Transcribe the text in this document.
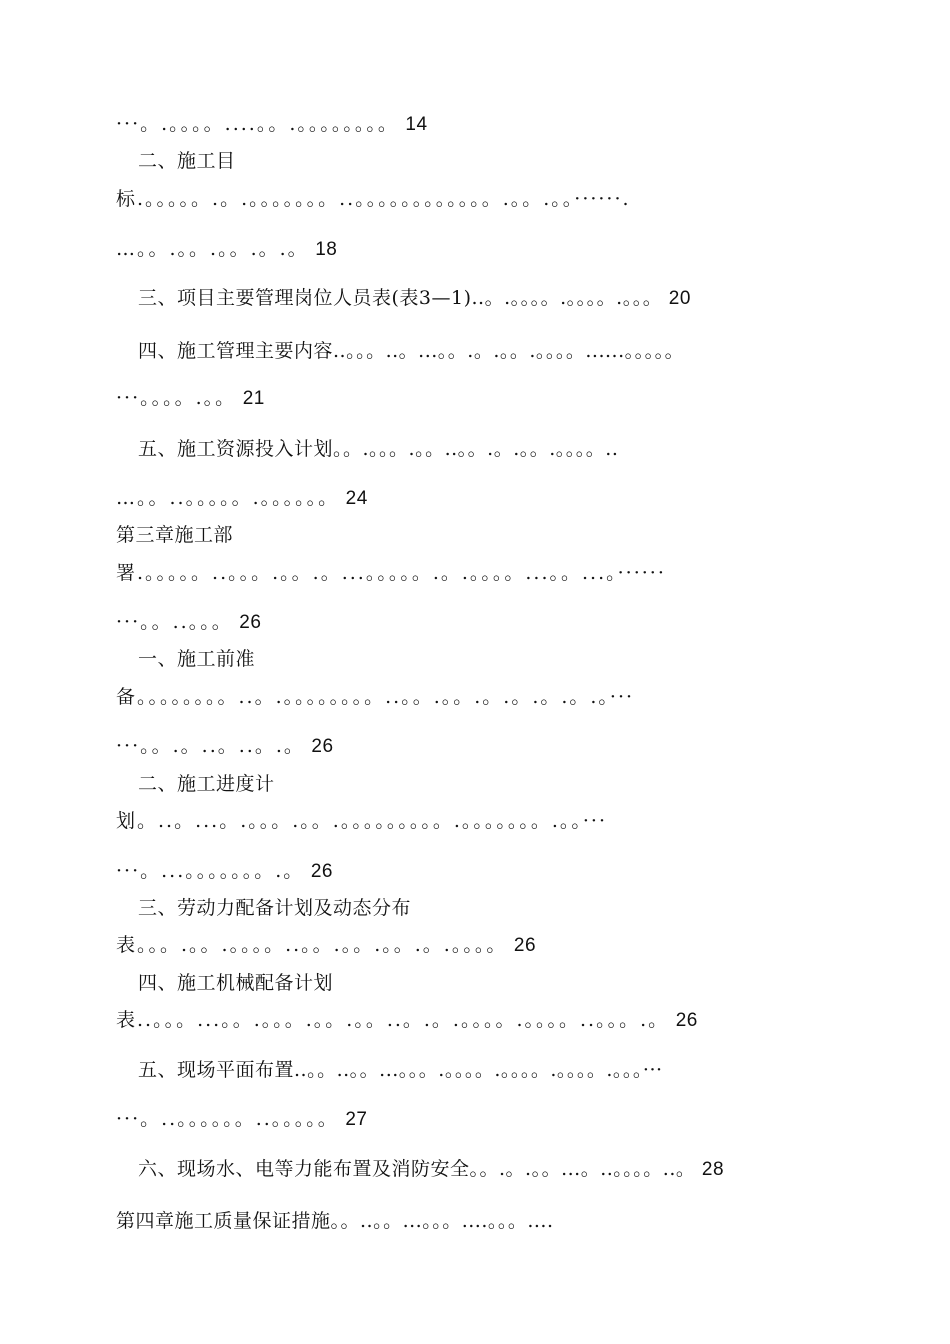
···。.。。。。....。。.。。。。。。。。 14
二、施工目
标.。。。。。.。.。。。。。。。..。。。。。。。。。。。。.。。.。。······.
…。。.。。.。。.。.。 18
三、项目主要管理岗位人员表(表3—1)..。.。。。。.。。。。.。。。 20
四、施工管理主要内容..。。。..。...。。.。.。。.。。。。......。。。。。
···。。。。.。。 21
五、施工资源投入计划。。.。。。.。。..。。.。.。。.。。。。..
…。。..。。。。。.。。。。。。 24
第三章施工部
署.。。。。。..。。。.。。.。...。。。。。.。.。。。。...。。...。······
···。。..。。。 26
一、施工前准
备。。。。。。。。..。.。。。。。。。。..。。.。。.。.。.。.。.。···
···。。.。..。..。.。 26
二、施工进度计
划。..。...。.。。。.。。.。。。。。。。。。.。。。。。。。.。。···
···。...。。。。。。。.。 26
三、劳动力配备计划及动态分布
表。。。.。。.。。。。..。。.。。.。。.。.。。。。 26
四、施工机械配备计划
表..。。。...。。.。。。.。。.。。..。.。.。。。。.。。。。..。。。.。 26
五、现场平面布置..。。..。。...。。。.。。。。.。。。。.。。。。.。。。···
···。..。。。。。。..。。。。。 27
六、现场水、电等力能布置及消防安全。。.。.。。...。..。。。。..。 28
第四章施工质量保证措施。。..。。...。。。....。。。....
